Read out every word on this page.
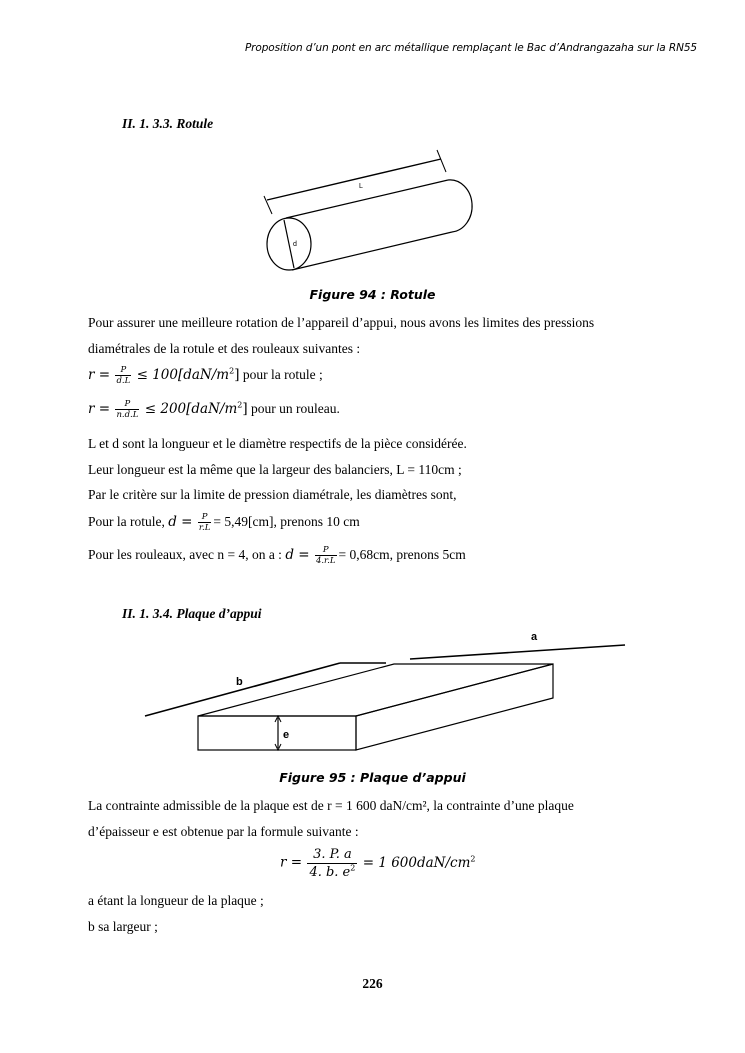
Proposition d’un pont en arc métallique remplaçant le Bac d’Andrangazaha sur la RN55
II. 1. 3.3. Rotule
L
d
Figure 94 : Rotule
Pour assurer une meilleure rotation de l’appareil d’appui, nous avons les limites des pressions
diamétrales de la rotule et des rouleaux suivantes :
$r = \frac{P}{d.L} \le 100[daN/m^2]$ pour la rotule ;
$r = \frac{P}{n.d.L} \le 200[daN/m^2]$ pour un rouleau.
L et d sont la longueur et le diamètre respectifs de la pièce considérée.
Leur longueur est la même que la largeur des balanciers, L = 110cm ;
Par le critère sur la limite de pression diamétrale, les diamètres sont,
Pour la rotule, $d = \frac{P}{r.L} = 5,49[cm]$, prenons 10 cm
Pour les rouleaux, avec n = 4, on a : $d = \frac{P}{4.r.L} = 0,68cm$, prenons 5cm
II. 1. 3.4. Plaque d’appui
a
b
e
Figure 95 : Plaque d’appui
La contrainte admissible de la plaque est de r = 1 600 daN/cm², la contrainte d’une plaque
d’épaisseur e est obtenue par la formule suivante :
$r = \frac{3. P. a}{4. b. e^2} = 1$ $600daN/cm^2$
a étant la longueur de la plaque ;
b sa largeur ;
226
